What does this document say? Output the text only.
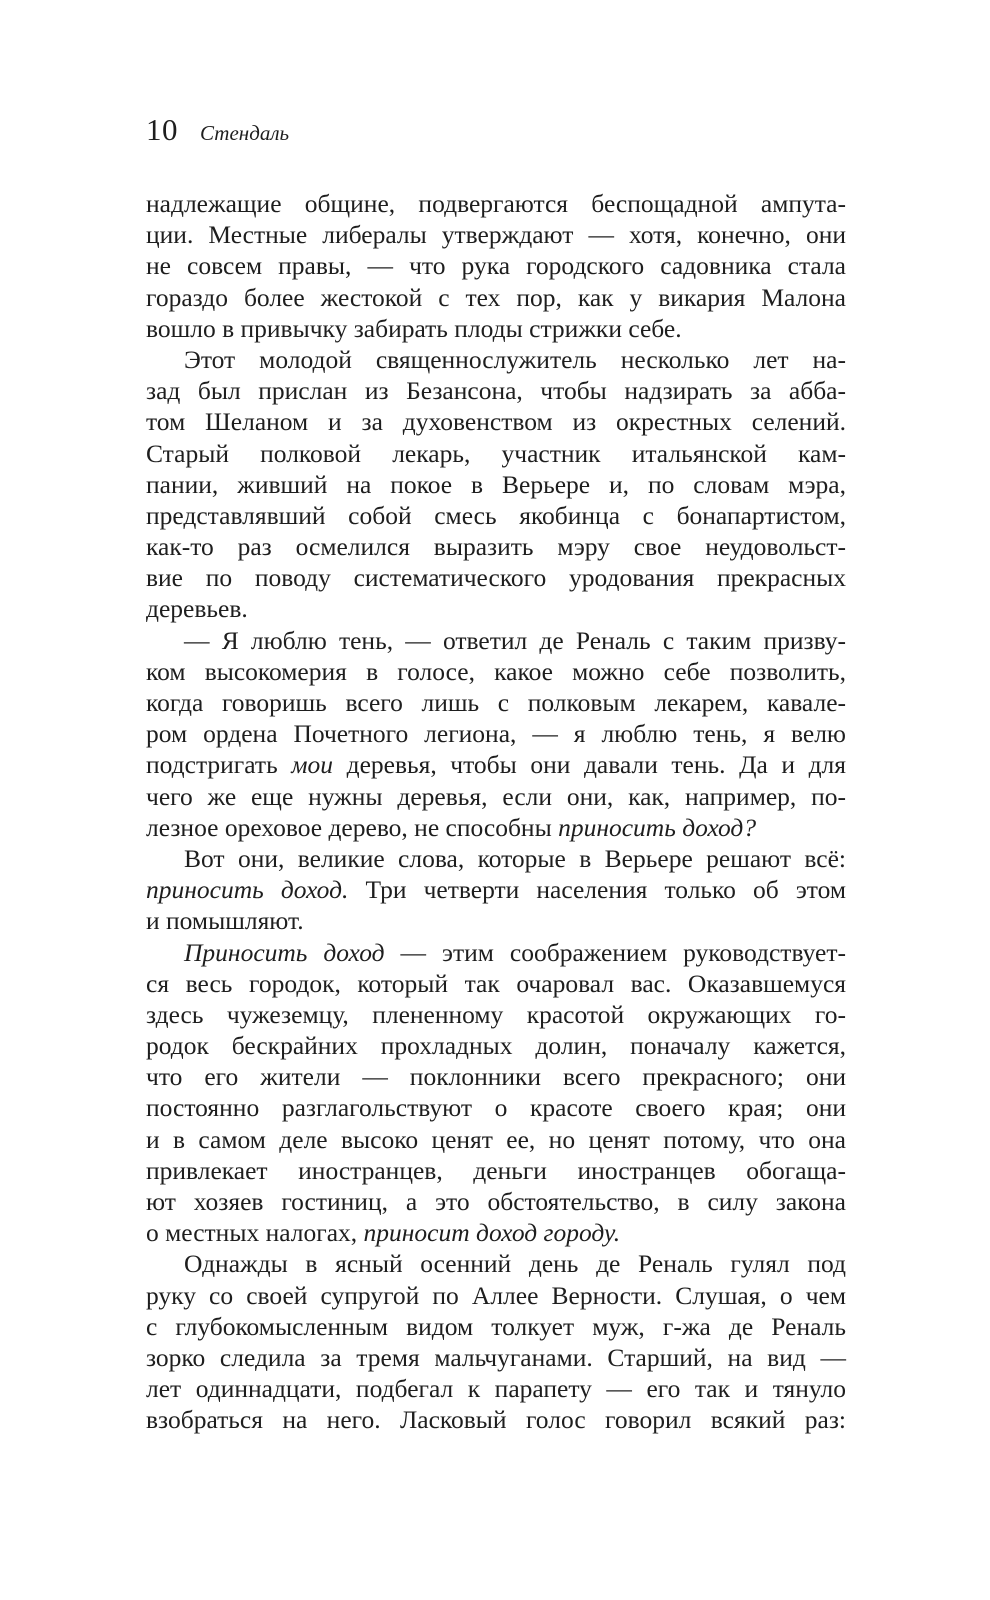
10 Стендаль
надлежащие общине, подвергаются беспощадной ампута-
ции. Местные либералы утверждают — хотя, конечно, они
не совсем правы, — что рука городского садовника стала
гораздо более жестокой с тех пор, как у викария Малона
вошло в привычку забирать плоды стрижки себе.
Этот молодой священнослужитель несколько лет на-
зад был прислан из Безансона, чтобы надзирать за абба-
том Шеланом и за духовенством из окрестных селений.
Старый полковой лекарь, участник итальянской кам-
пании, живший на покое в Верьере и, по словам мэра,
представлявший собой смесь якобинца с бонапартистом,
как-то раз осмелился выразить мэру свое неудовольст-
вие по поводу систематического уродования прекрасных
деревьев.
— Я люблю тень, — ответил де Реналь с таким призву-
ком высокомерия в голосе, какое можно себе позволить,
когда говоришь всего лишь с полковым лекарем, кавале-
ром ордена Почетного легиона, — я люблю тень, я велю
подстригать мои деревья, чтобы они давали тень. Да и для
чего же еще нужны деревья, если они, как, например, по-
лезное ореховое дерево, не способны приносить доход?
Вот они, великие слова, которые в Верьере решают всё:
приносить доход. Три четверти населения только об этом
и помышляют.
Приносить доход — этим соображением руководствует-
ся весь городок, который так очаровал вас. Оказавшемуся
здесь чужеземцу, плененному красотой окружающих го-
родок бескрайних прохладных долин, поначалу кажется,
что его жители — поклонники всего прекрасного; они
постоянно разглагольствуют о красоте своего края; они
и в самом деле высоко ценят ее, но ценят потому, что она
привлекает иностранцев, деньги иностранцев обогаща-
ют хозяев гостиниц, а это обстоятельство, в силу закона
о местных налогах, приносит доход городу.
Однажды в ясный осенний день де Реналь гулял под
руку со своей супругой по Аллее Верности. Слушая, о чем
с глубокомысленным видом толкует муж, г-жа де Реналь
зорко следила за тремя мальчуганами. Старший, на вид —
лет одиннадцати, подбегал к парапету — его так и тянуло
взобраться на него. Ласковый голос говорил всякий раз:
